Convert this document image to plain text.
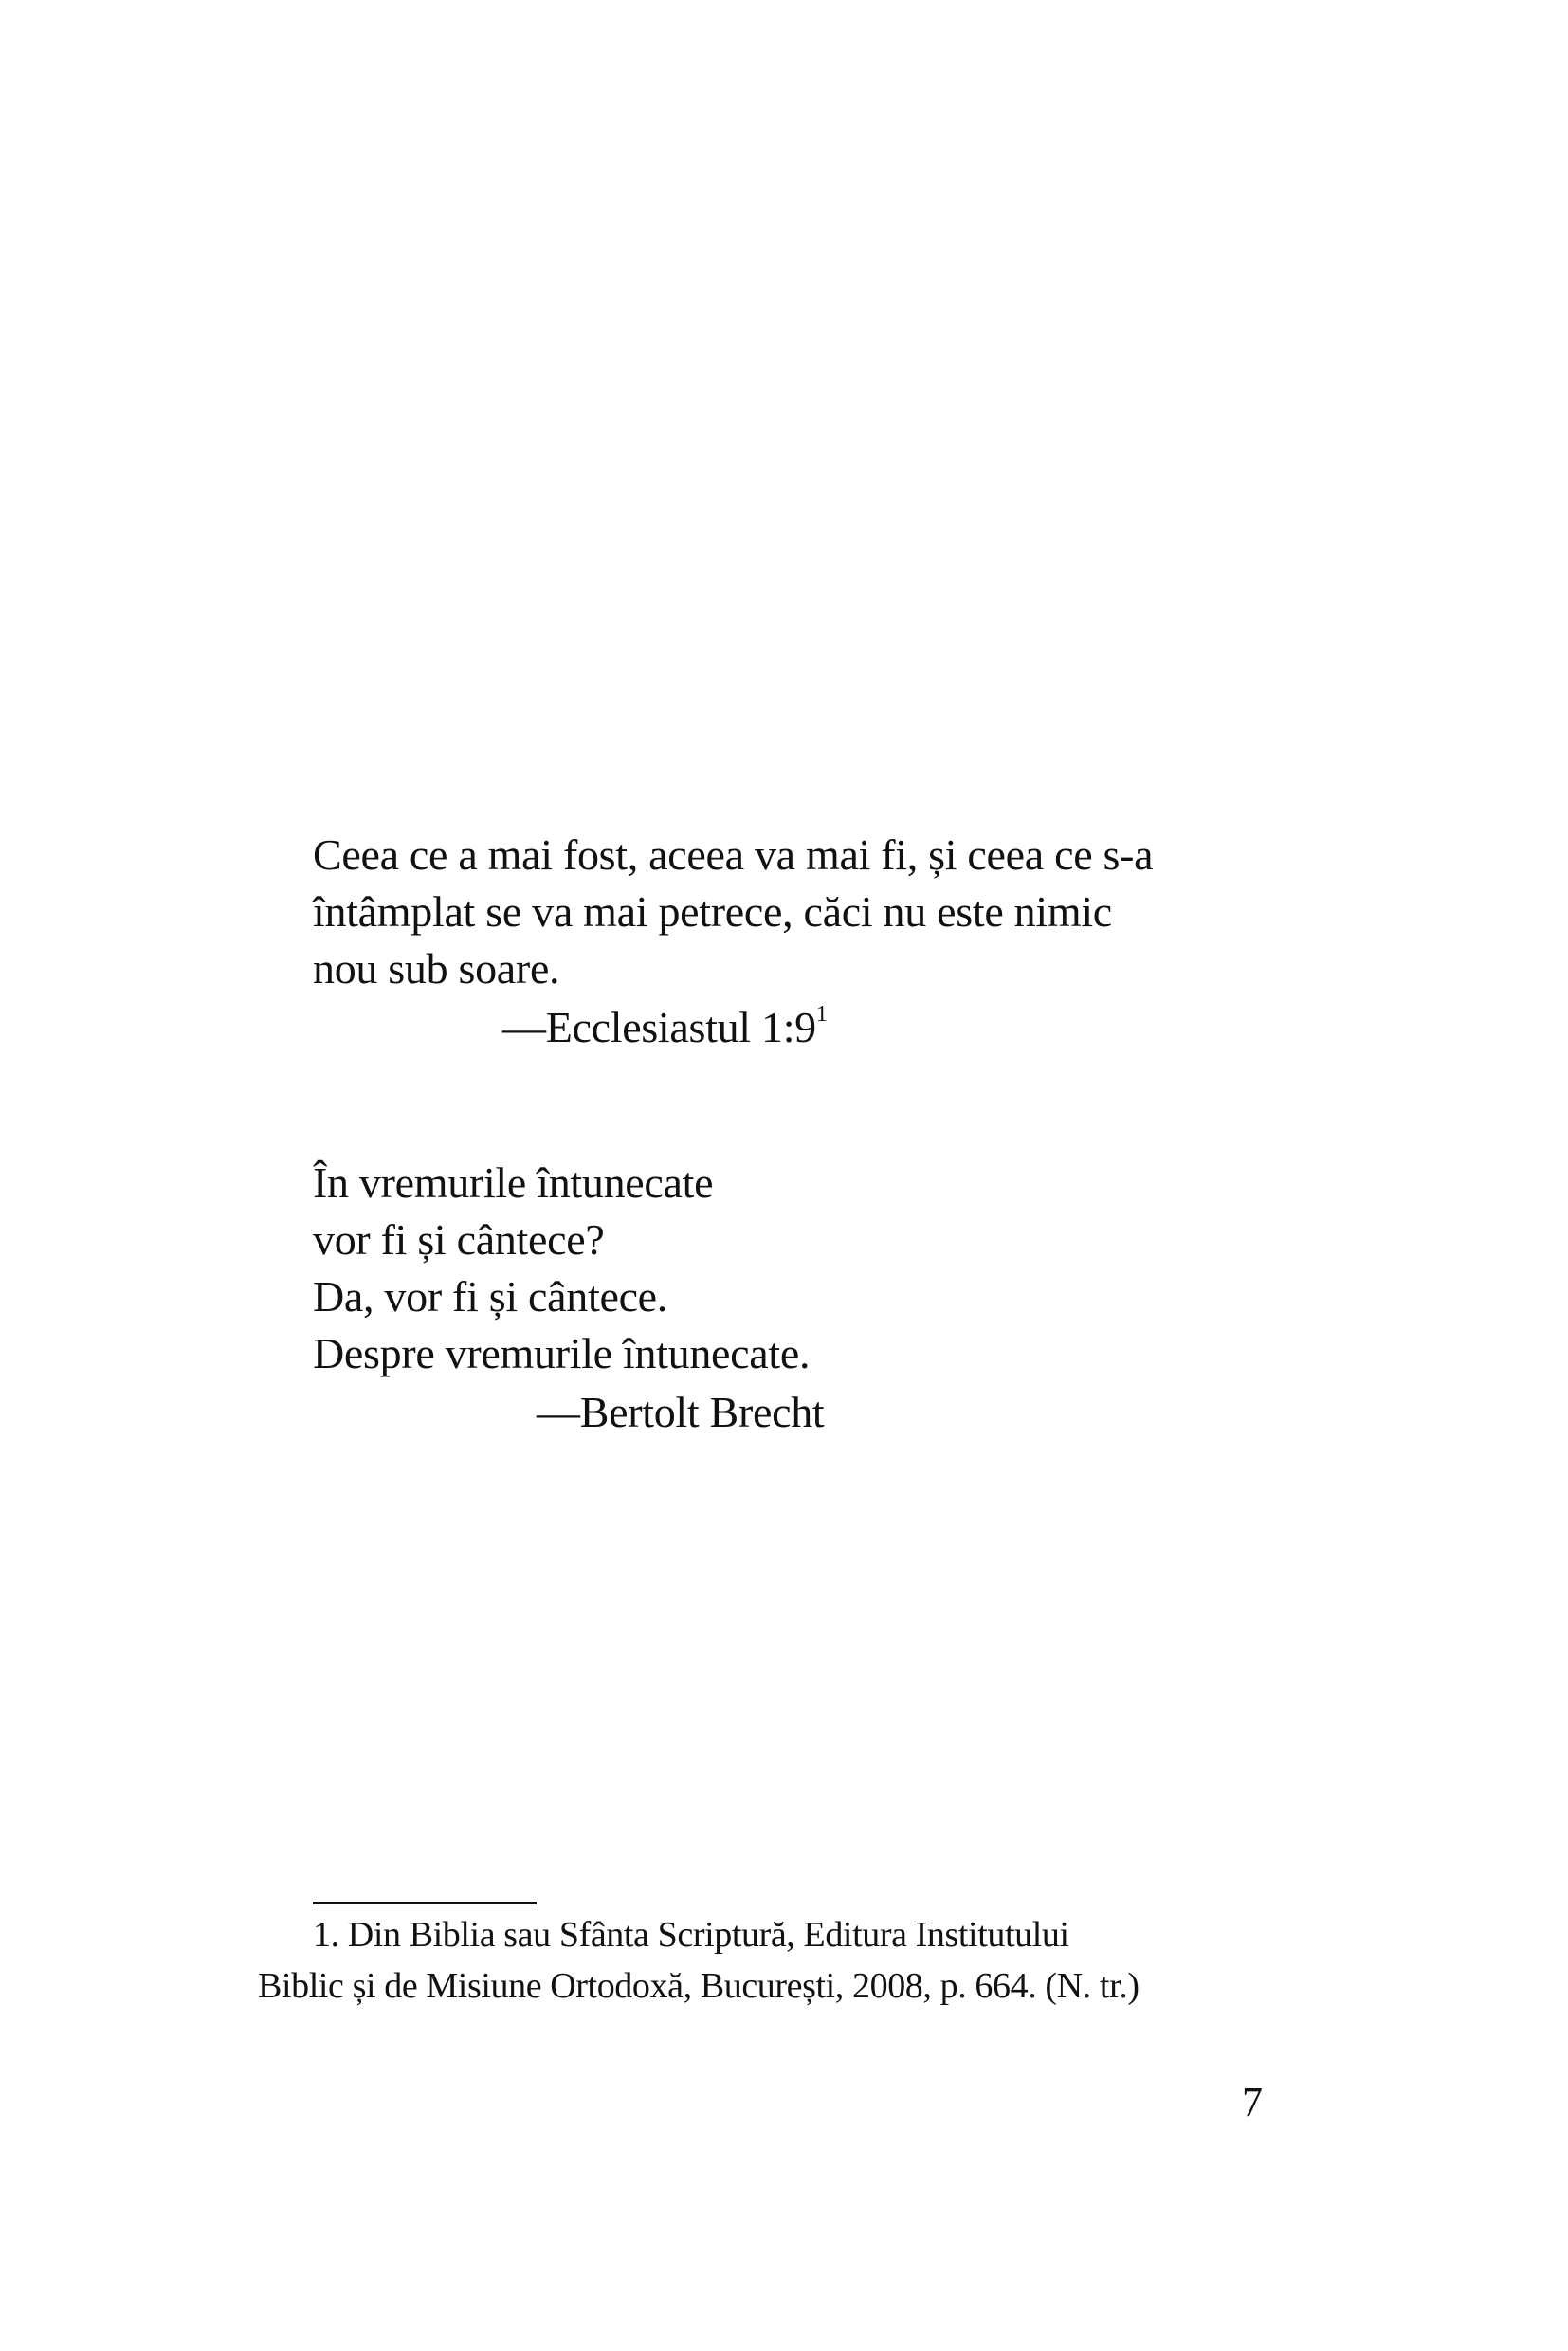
Ceea ce a mai fost, aceea va mai fi, și ceea ce s-a
întâmplat se va mai petrece, căci nu este nimic
nou sub soare.
—Ecclesiastul $1:9^1$
În vremurile întunecate
vor fi și cântece?
Da, vor fi și cântece.
Despre vremurile întunecate.
—Bertolt Brecht
1. Din Biblia sau Sfânta Scriptură, Editura Institutului
Biblic și de Misiune Ortodoxă, București, 2008, p. 664. (N. tr.)
7
